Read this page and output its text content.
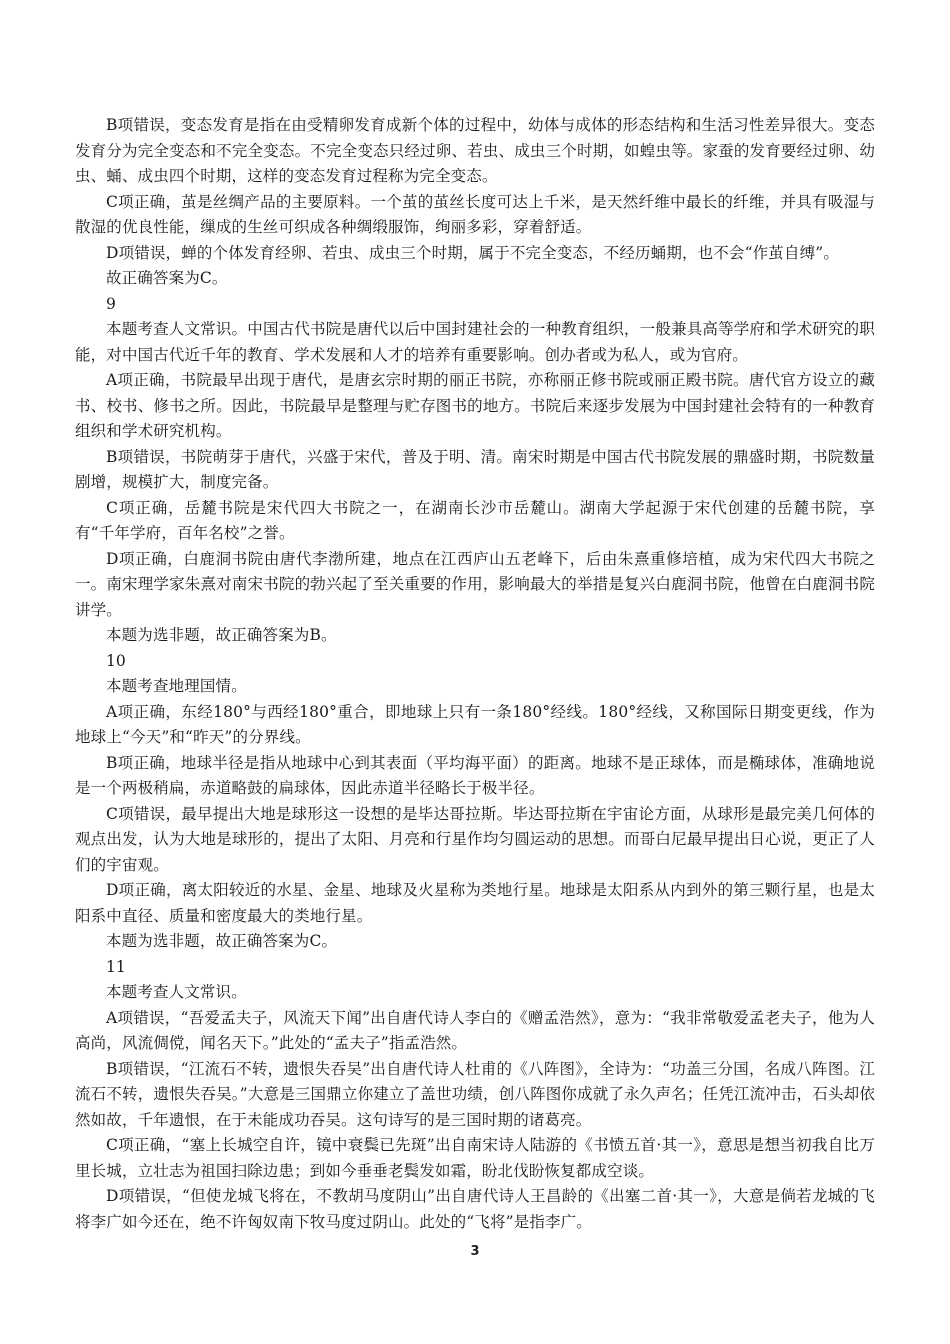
B项错误，变态发育是指在由受精卵发育成新个体的过程中，幼体与成体的形态结构和生活习性差异很大。变态发育分为完全变态和不完全变态。不完全变态只经过卵、若虫、成虫三个时期，如蝗虫等。家蚕的发育要经过卵、幼虫、蛹、成虫四个时期，这样的变态发育过程称为完全变态。

C项正确，茧是丝绸产品的主要原料。一个茧的茧丝长度可达上千米，是天然纤维中最长的纤维，并具有吸湿与散湿的优良性能，缫成的生丝可织成各种绸缎服饰，绚丽多彩，穿着舒适。

D项错误，蝉的个体发育经卵、若虫、成虫三个时期，属于不完全变态，不经历蛹期，也不会“作茧自缚”。

故正确答案为C。

9

本题考查人文常识。中国古代书院是唐代以后中国封建社会的一种教育组织，一般兼具高等学府和学术研究的职能，对中国古代近千年的教育、学术发展和人才的培养有重要影响。创办者或为私人，或为官府。

A项正确，书院最早出现于唐代，是唐玄宗时期的丽正书院，亦称丽正修书院或丽正殿书院。唐代官方设立的藏书、校书、修书之所。因此，书院最早是整理与贮存图书的地方。书院后来逐步发展为中国封建社会特有的一种教育组织和学术研究机构。

B项错误，书院萌芽于唐代，兴盛于宋代，普及于明、清。南宋时期是中国古代书院发展的鼎盛时期，书院数量剧增，规模扩大，制度完备。

C项正确，岳麓书院是宋代四大书院之一，在湖南长沙市岳麓山。湖南大学起源于宋代创建的岳麓书院，享有“千年学府，百年名校”之誉。

D项正确，白鹿洞书院由唐代李渤所建，地点在江西庐山五老峰下，后由朱熹重修培植，成为宋代四大书院之一。南宋理学家朱熹对南宋书院的勃兴起了至关重要的作用，影响最大的举措是复兴白鹿洞书院，他曾在白鹿洞书院讲学。

本题为选非题，故正确答案为B。

10

本题考查地理国情。

A项正确，东经180°与西经180°重合，即地球上只有一条180°经线。180°经线，又称国际日期变更线，作为地球上“今天”和“昨天”的分界线。

B项正确，地球半径是指从地球中心到其表面（平均海平面）的距离。地球不是正球体，而是椭球体，准确地说是一个两极稍扁，赤道略鼓的扁球体，因此赤道半径略长于极半径。

C项错误，最早提出大地是球形这一设想的是毕达哥拉斯。毕达哥拉斯在宇宙论方面，从球形是最完美几何体的观点出发，认为大地是球形的，提出了太阳、月亮和行星作均匀圆运动的思想。而哥白尼最早提出日心说，更正了人们的宇宙观。

D项正确，离太阳较近的水星、金星、地球及火星称为类地行星。地球是太阳系从内到外的第三颗行星，也是太阳系中直径、质量和密度最大的类地行星。

本题为选非题，故正确答案为C。

11

本题考查人文常识。

A项错误，“吾爱孟夫子，风流天下闻”出自唐代诗人李白的《赠孟浩然》，意为：“我非常敬爱孟老夫子，他为人高尚，风流倜傥，闻名天下。”此处的“孟夫子”指孟浩然。

B项错误，“江流石不转，遗恨失吞吴”出自唐代诗人杜甫的《八阵图》，全诗为：“功盖三分国，名成八阵图。江流石不转，遗恨失吞吴。”大意是三国鼎立你建立了盖世功绩，创八阵图你成就了永久声名；任凭江流冲击，石头却依然如故，千年遗恨，在于未能成功吞吴。这句诗写的是三国时期的诸葛亮。

C项正确，“塞上长城空自许，镜中衰鬓已先斑”出自南宋诗人陆游的《书愤五首·其一》，意思是想当初我自比万里长城，立壮志为祖国扫除边患；到如今垂垂老鬓发如霜，盼北伐盼恢复都成空谈。

D项错误，“但使龙城飞将在，不教胡马度阴山”出自唐代诗人王昌龄的《出塞二首·其一》，大意是倘若龙城的飞将李广如今还在，绝不许匈奴南下牧马度过阴山。此处的“飞将”是指李广。

3
